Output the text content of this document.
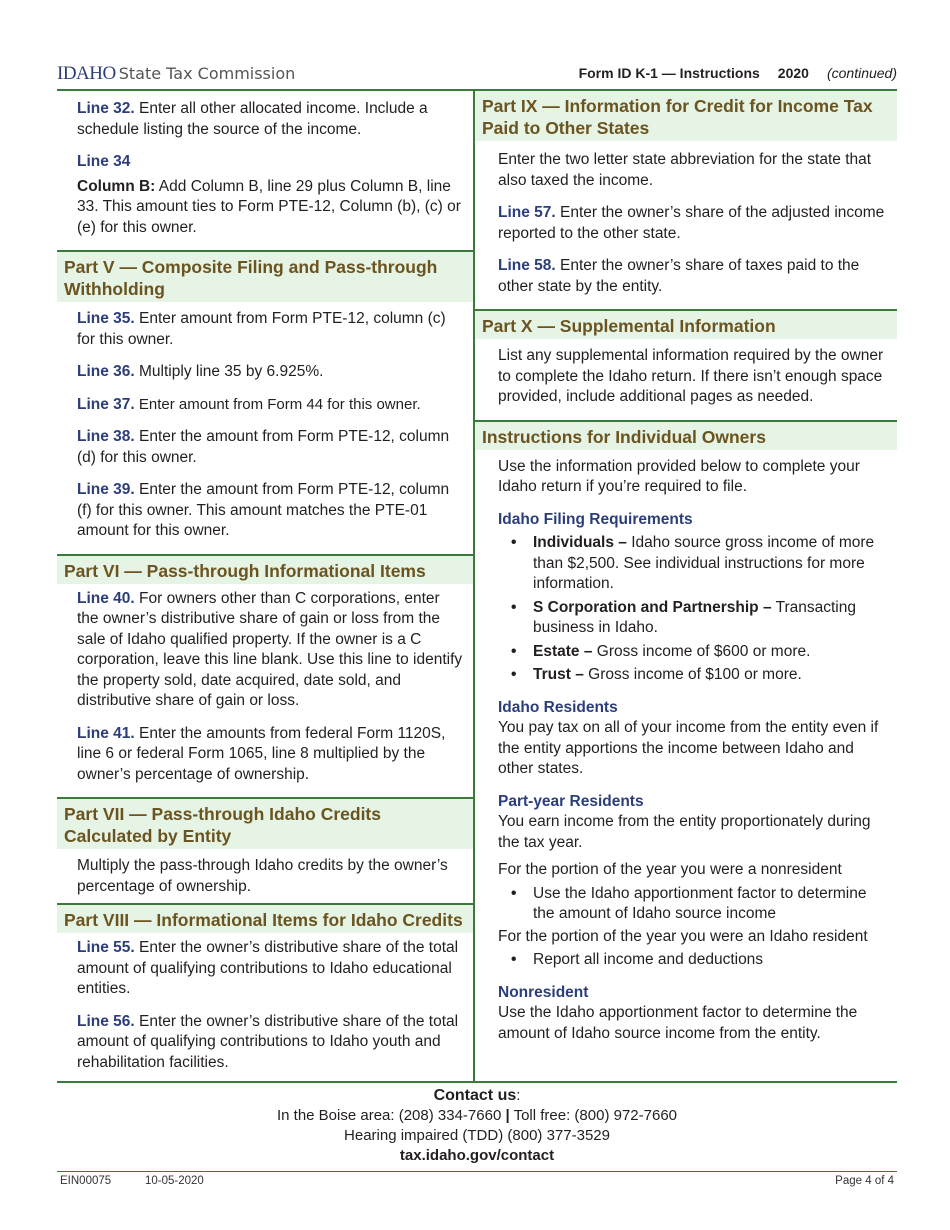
IDAHO State Tax Commission	Form ID K-1 — Instructions 2020 (continued)
Line 32. Enter all other allocated income. Include a schedule listing the source of the income.
Line 34
Column B: Add Column B, line 29 plus Column B, line 33. This amount ties to Form PTE-12, Column (b), (c) or (e) for this owner.
Part V — Composite Filing and Pass-through Withholding
Line 35. Enter amount from Form PTE-12, column (c) for this owner.
Line 36. Multiply line 35 by 6.925%.
Line 37. Enter amount from Form 44 for this owner.
Line 38. Enter the amount from Form PTE-12, column (d) for this owner.
Line 39. Enter the amount from Form PTE-12, column (f) for this owner. This amount matches the PTE-01 amount for this owner.
Part VI — Pass-through Informational Items
Line 40. For owners other than C corporations, enter the owner’s distributive share of gain or loss from the sale of Idaho qualified property. If the owner is a C corporation, leave this line blank. Use this line to identify the property sold, date acquired, date sold, and distributive share of gain or loss.
Line 41. Enter the amounts from federal Form 1120S, line 6 or federal Form 1065, line 8 multiplied by the owner’s percentage of ownership.
Part VII — Pass-through Idaho Credits Calculated by Entity
Multiply the pass-through Idaho credits by the owner’s percentage of ownership.
Part VIII — Informational Items for Idaho Credits
Line 55. Enter the owner’s distributive share of the total amount of qualifying contributions to Idaho educational entities.
Line 56. Enter the owner’s distributive share of the total amount of qualifying contributions to Idaho youth and rehabilitation facilities.
Part IX — Information for Credit for Income Tax Paid to Other States
Enter the two letter state abbreviation for the state that also taxed the income.
Line 57. Enter the owner’s share of the adjusted income reported to the other state.
Line 58. Enter the owner’s share of taxes paid to the other state by the entity.
Part X — Supplemental Information
List any supplemental information required by the owner to complete the Idaho return. If there isn’t enough space provided, include additional pages as needed.
Instructions for Individual Owners
Use the information provided below to complete your Idaho return if you’re required to file.
Idaho Filing Requirements
• Individuals – Idaho source gross income of more than $2,500. See individual instructions for more information.
• S Corporation and Partnership – Transacting business in Idaho.
• Estate – Gross income of $600 or more.
• Trust – Gross income of $100 or more.
Idaho Residents
You pay tax on all of your income from the entity even if the entity apportions the income between Idaho and other states.
Part-year Residents
You earn income from the entity proportionately during the tax year.
For the portion of the year you were a nonresident
• Use the Idaho apportionment factor to determine the amount of Idaho source income
For the portion of the year you were an Idaho resident
• Report all income and deductions
Nonresident
Use the Idaho apportionment factor to determine the amount of Idaho source income from the entity.
Contact us:
In the Boise area: (208) 334-7660 | Toll free: (800) 972-7660
Hearing impaired (TDD) (800) 377-3529
tax.idaho.gov/contact
EIN00075	10-05-2020	Page 4 of 4
